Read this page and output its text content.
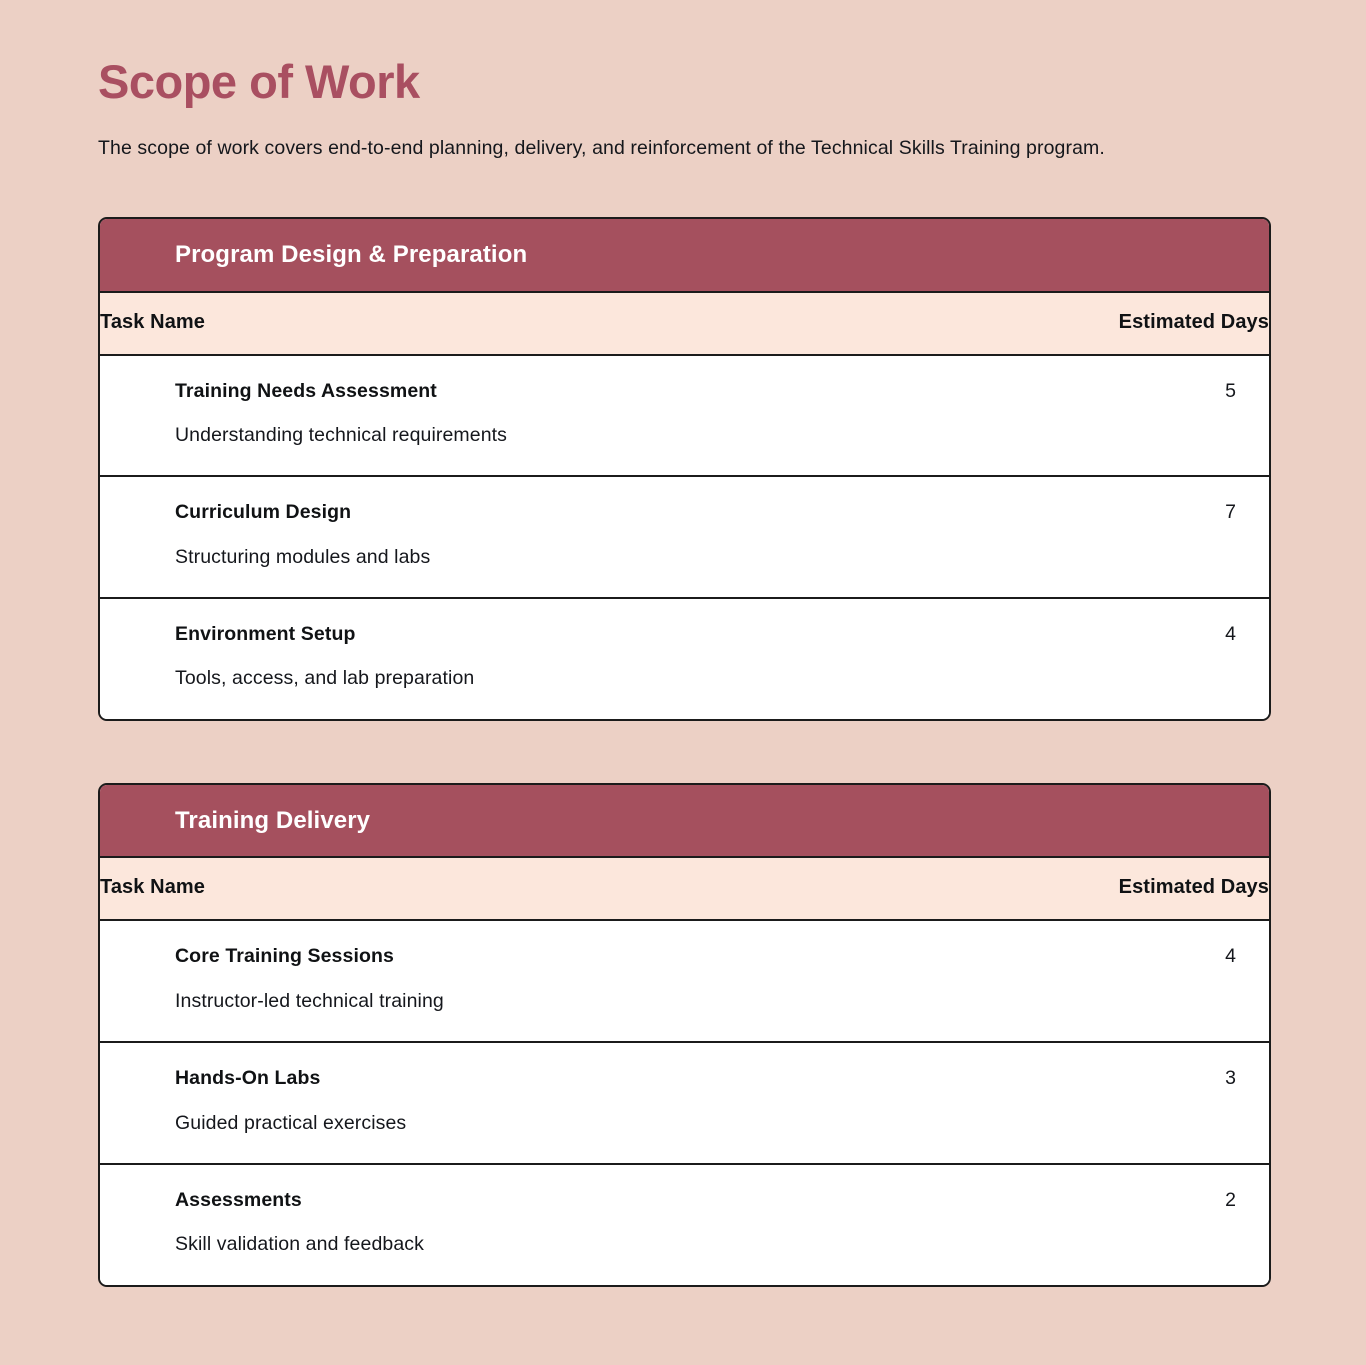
Scope of Work

The scope of work covers end-to-end planning, delivery, and reinforcement of the Technical Skills Training program.

Program Design & Preparation
Task Name	Estimated Days

Training Needs Assessment
Understanding technical requirements	5

Curriculum Design
Structuring modules and labs	7

Environment Setup
Tools, access, and lab preparation	4
Training Delivery
Task Name	Estimated Days

Core Training Sessions
Instructor-led technical training	4

Hands-On Labs
Guided practical exercises	3

Assessments
Skill validation and feedback	2
